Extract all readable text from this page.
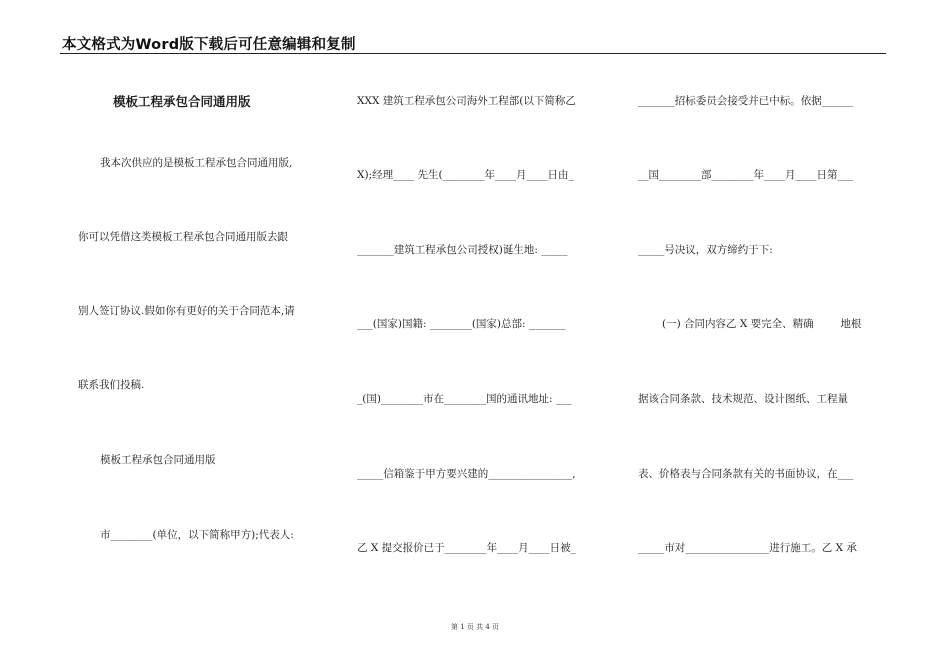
本文格式为Word版下载后可任意编辑和复制
模板工程承包合同通用版
我本次供应的是模板工程承包合同通用版,
你可以凭借这类模板工程承包合同通用版去跟
别人签订协议.假如你有更好的关于合同范本,请
联系我们投稿.
模板工程承包合同通用版
市________(单位，以下简称甲方);代表人:
XXX 建筑工程承包公司海外工程部(以下简称乙
X);经理____ 先生(________年____月____日由_
_______建筑工程承包公司授权)诞生地: _____
___(国家)国籍: ________(国家)总部: _______
_(国)________市在________国的通讯地址: ___
_____信箱鉴于甲方要兴建的________________,
乙 X 提交报价已于________年____月____日被_
_______招标委员会接受并已中标。依据______
__国________部________年____月____日第___
_____号决议，双方缔约于下:
(一) 合同内容乙 X 要完全、精确        地根
据该合同条款、技术规范、设计图纸、工程量
表、价格表与合同条款有关的书面协议，在___
_____市对________________进行施工。乙 X 承
第 1 页 共 4 页
